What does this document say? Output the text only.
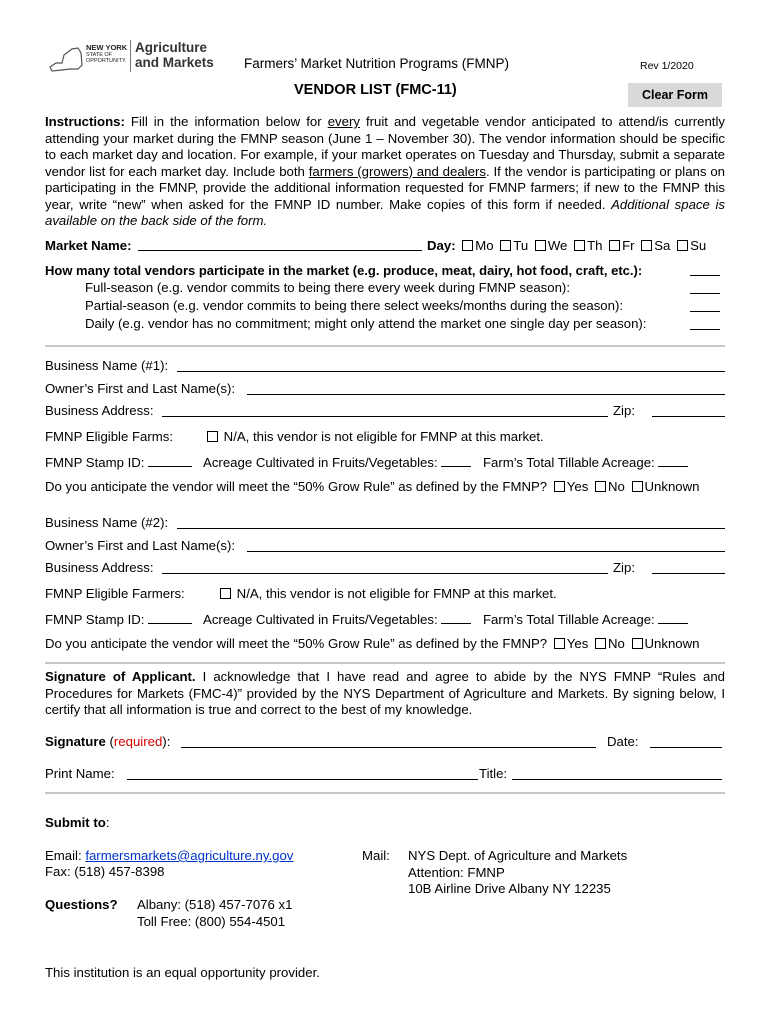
NEW YORK
STATE OF
OPPORTUNITY.
Agriculture
and Markets Farmers’ Market Nutrition Programs (FMNP)	Rev 1/2020
VENDOR LIST (FMC-11)	Clear Form
Instructions: Fill in the information below for every fruit and vegetable vendor anticipated to attend/is currently attending your market during the FMNP season (June 1 – November 30). The vendor information should be specific to each market day and location. For example, if your market operates on Tuesday and Thursday, submit a separate vendor list for each market day. Include both farmers (growers) and dealers. If the vendor is participating or plans on participating in the FMNP, provide the additional information requested for FMNP farmers; if new to the FMNP this year, write “new” when asked for the FMNP ID number. Make copies of this form if needed. Additional space is available on the back side of the form.
Market Name:	Day: Mo Tu We Th Fr Sa Su
How many total vendors participate in the market (e.g. produce, meat, dairy, hot food, craft, etc.):
Full-season (e.g. vendor commits to being there every week during FMNP season):
Partial-season (e.g. vendor commits to being there select weeks/months during the season):
Daily (e.g. vendor has no commitment; might only attend the market one single day per season):
Business Name (#1):
Owner’s First and Last Name(s):
Business Address:	Zip:
FMNP Eligible Farms:	N/A, this vendor is not eligible for FMNP at this market.
FMNP Stamp ID:	Acreage Cultivated in Fruits/Vegetables:	Farm’s Total Tillable Acreage:
Do you anticipate the vendor will meet the “50% Grow Rule” as defined by the FMNP? Yes No Unknown
Business Name (#2):
Owner’s First and Last Name(s):
Business Address:	Zip:
FMNP Eligible Farmers:	N/A, this vendor is not eligible for FMNP at this market.
FMNP Stamp ID:	Acreage Cultivated in Fruits/Vegetables:	Farm’s Total Tillable Acreage:
Do you anticipate the vendor will meet the “50% Grow Rule” as defined by the FMNP? Yes No Unknown
Signature of Applicant. I acknowledge that I have read and agree to abide by the NYS FMNP “Rules and Procedures for Markets (FMC-4)” provided by the NYS Department of Agriculture and Markets. By signing below, I certify that all information is true and correct to the best of my knowledge.
Signature (required):	Date:
Print Name:	Title:
Submit to:
Email: farmersmarkets@agriculture.ny.gov
Fax: (518) 457-8398
Mail: NYS Dept. of Agriculture and Markets
Attention: FMNP
10B Airline Drive Albany NY 12235
Questions? Albany: (518) 457-7076 x1
Toll Free: (800) 554-4501
This institution is an equal opportunity provider.
